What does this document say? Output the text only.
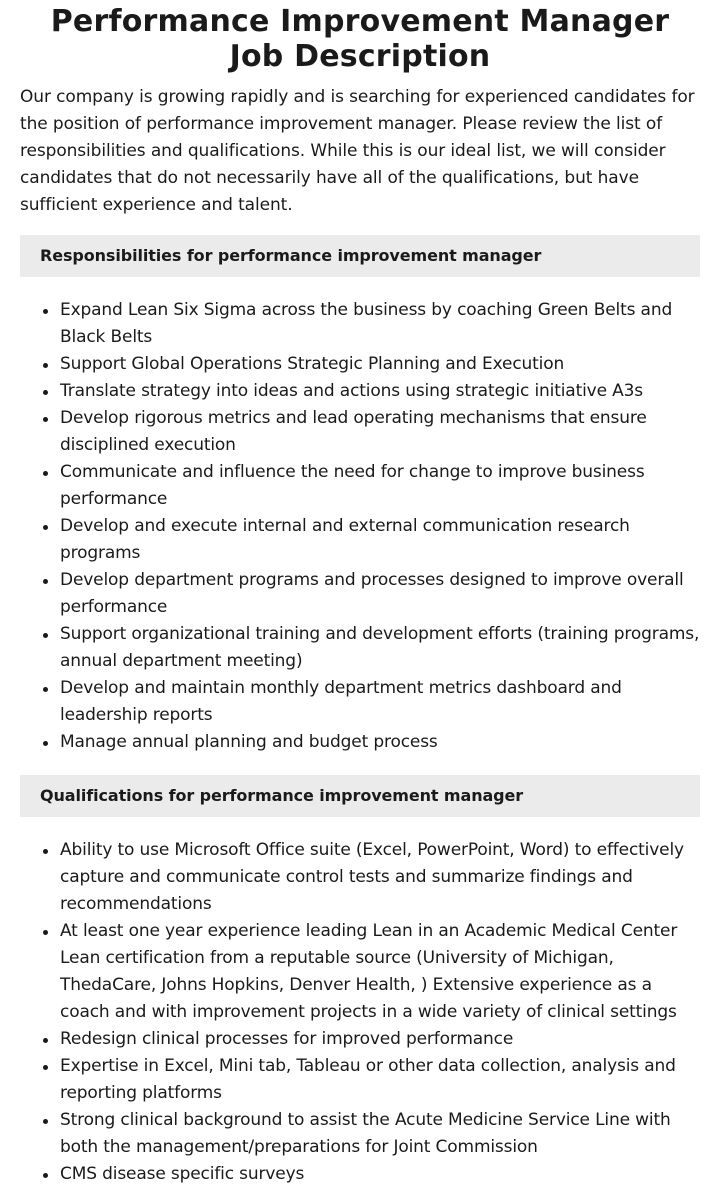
Performance Improvement Manager Job Description

Our company is growing rapidly and is searching for experienced candidates for the position of performance improvement manager. Please review the list of responsibilities and qualifications. While this is our ideal list, we will consider candidates that do not necessarily have all of the qualifications, but have sufficient experience and talent.

Responsibilities for performance improvement manager
Expand Lean Six Sigma across the business by coaching Green Belts and Black Belts
Support Global Operations Strategic Planning and Execution
Translate strategy into ideas and actions using strategic initiative A3s
Develop rigorous metrics and lead operating mechanisms that ensure disciplined execution
Communicate and influence the need for change to improve business performance
Develop and execute internal and external communication research programs
Develop department programs and processes designed to improve overall performance
Support organizational training and development efforts (training programs, annual department meeting)
Develop and maintain monthly department metrics dashboard and leadership reports
Manage annual planning and budget process
Qualifications for performance improvement manager
Ability to use Microsoft Office suite (Excel, PowerPoint, Word) to effectively capture and communicate control tests and summarize findings and recommendations
At least one year experience leading Lean in an Academic Medical Center Lean certification from a reputable source (University of Michigan, ThedaCare, Johns Hopkins, Denver Health, ) Extensive experience as a coach and with improvement projects in a wide variety of clinical settings
Redesign clinical processes for improved performance
Expertise in Excel, Mini tab, Tableau or other data collection, analysis and reporting platforms
Strong clinical background to assist the Acute Medicine Service Line with both the management/preparations for Joint Commission
CMS disease specific surveys
